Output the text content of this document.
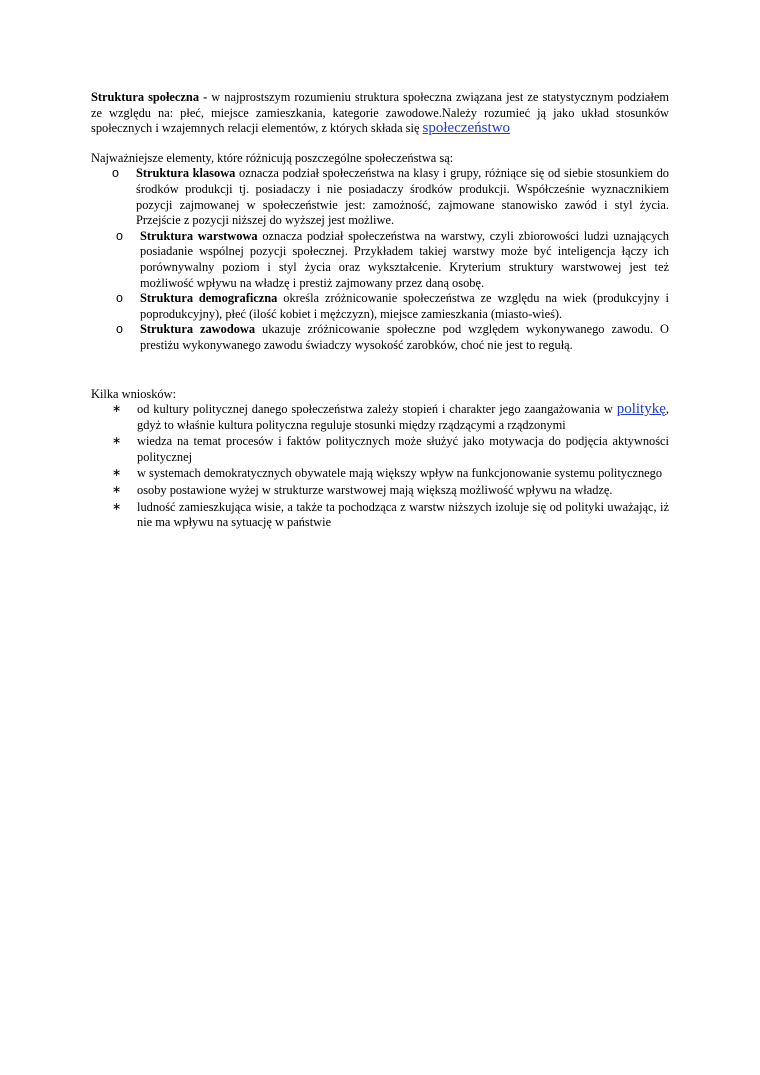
Struktura społeczna - w najprostszym rozumieniu struktura społeczna związana jest ze statystycznym podziałem ze względu na: płeć, miejsce zamieszkania, kategorie zawodowe.Należy rozumieć ją jako układ stosunków społecznych i wzajemnych relacji elementów, z których składa się społeczeństwo

Najważniejsze elementy, które różnicują poszczególne społeczeństwa są:

o Struktura klasowa oznacza podział społeczeństwa na klasy i grupy, różniące się od siebie stosunkiem do środków produkcji tj. posiadaczy i nie posiadaczy środków produkcji. Współcześnie wyznacznikiem pozycji zajmowanej w społeczeństwie jest: zamożność, zajmowane stanowisko zawód i styl życia. Przejście z pozycji niższej do wyższej jest możliwe.
o Struktura warstwowa oznacza podział społeczeństwa na warstwy, czyli zbiorowości ludzi uznających posiadanie wspólnej pozycji społecznej. Przykładem takiej warstwy może być inteligencja łączy ich porównywalny poziom i styl życia oraz wykształcenie. Kryterium struktury warstwowej jest też możliwość wpływu na władzę i prestiż zajmowany przez daną osobę.
o Struktura demograficzna określa zróżnicowanie społeczeństwa ze względu na wiek (produkcyjny i poprodukcyjny), płeć (ilość kobiet i mężczyzn), miejsce zamieszkania (miasto-wieś).
o Struktura zawodowa ukazuje zróżnicowanie społeczne pod względem wykonywanego zawodu. O prestiżu wykonywanego zawodu świadczy wysokość zarobków, choć nie jest to regułą.

Kilka wniosków:

∗ od kultury politycznej danego społeczeństwa zależy stopień i charakter jego zaangażowania w politykę, gdyż to właśnie kultura polityczna reguluje stosunki między rządzącymi a rządzonymi
∗ wiedza na temat procesów i faktów politycznych może służyć jako motywacja do podjęcia aktywności politycznej
∗ w systemach demokratycznych obywatele mają większy wpływ na funkcjonowanie systemu politycznego
∗ osoby postawione wyżej w strukturze warstwowej mają większą możliwość wpływu na władzę.
∗ ludność zamieszkująca wisie, a także ta pochodząca z warstw niższych izoluje się od polityki uważając, iż nie ma wpływu na sytuację w państwie
